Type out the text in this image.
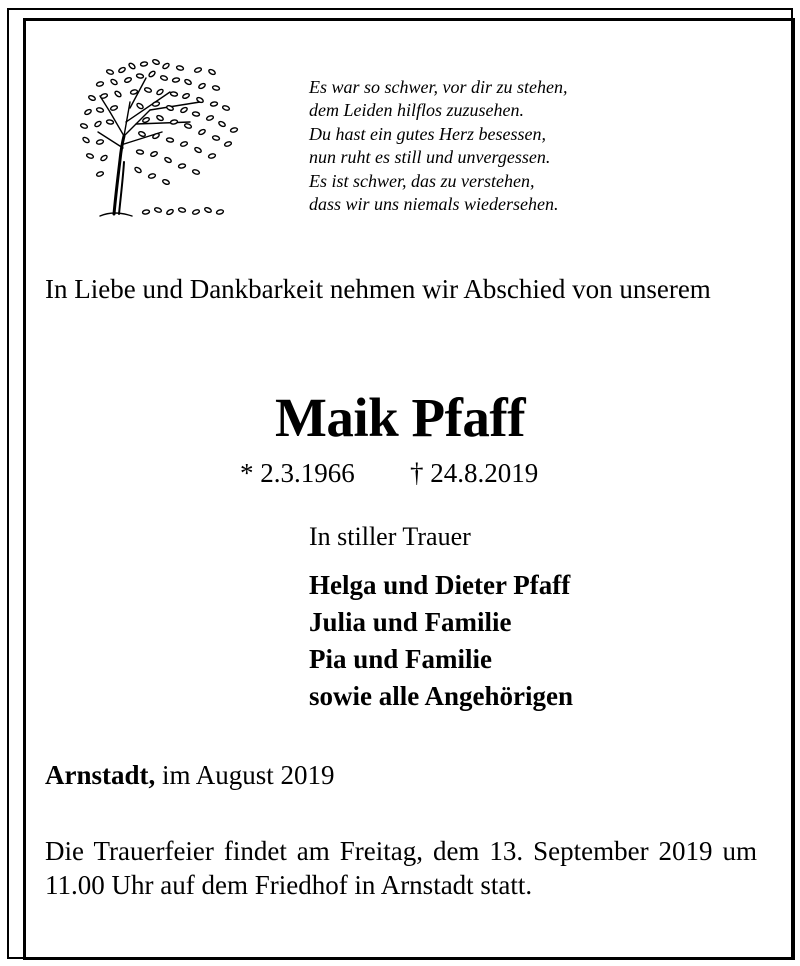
Es war so schwer, vor dir zu stehen,
dem Leiden hilflos zuzusehen.
Du hast ein gutes Herz besessen,
nun ruht es still und unvergessen.
Es ist schwer, das zu verstehen,
dass wir uns niemals wiedersehen.
In Liebe und Dankbarkeit nehmen wir Abschied von unserem
Maik Pfaff
* 2.3.1966 † 24.8.2019
In stiller Trauer
Helga und Dieter Pfaff
Julia und Familie
Pia und Familie
sowie alle Angehörigen
Arnstadt, im August 2019
Die Trauerfeier findet am Freitag, dem 13. September 2019 um 11.00 Uhr auf dem Friedhof in Arnstadt statt.
